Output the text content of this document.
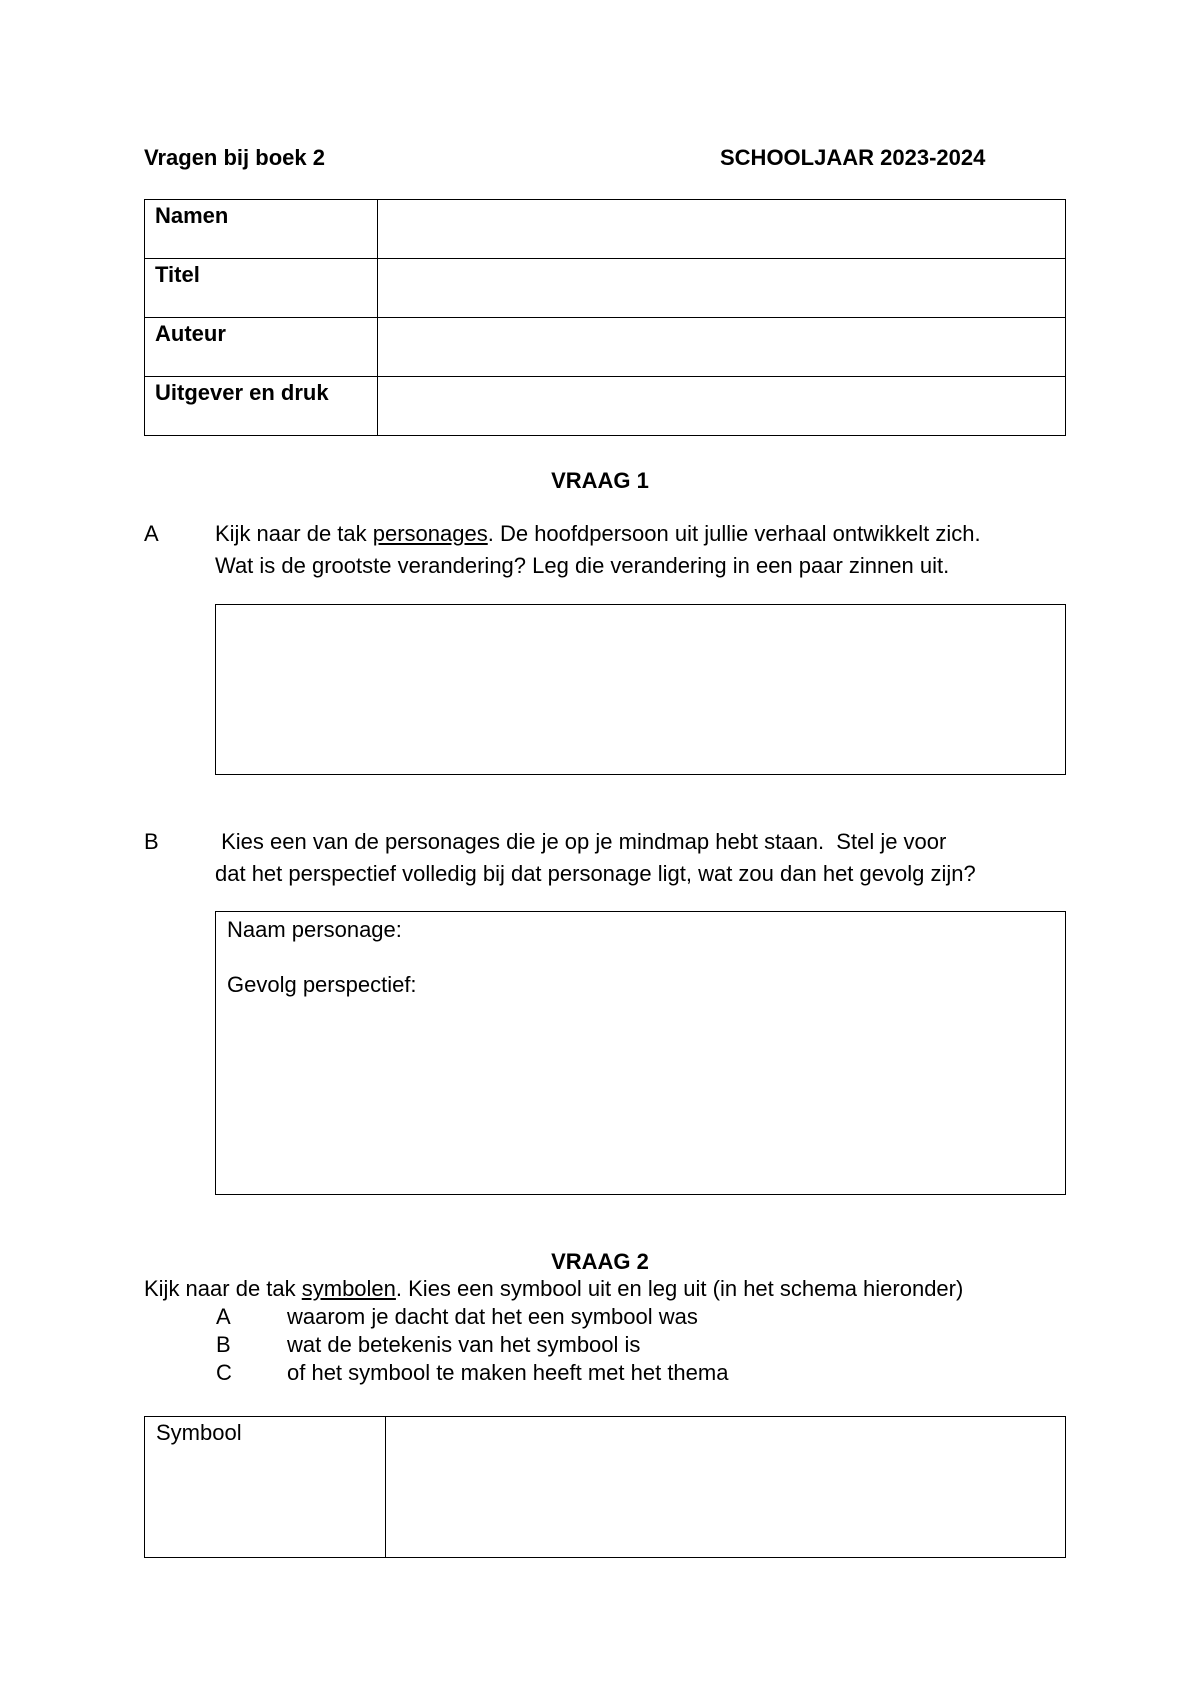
Vragen bij boek 2	SCHOOLJAAR 2023-2024
Namen	
Titel	
Auteur	
Uitgever en druk	
VRAAG 1
A	Kijk naar de tak personages. De hoofdpersoon uit jullie verhaal ontwikkelt zich.
Wat is de grootste verandering? Leg die verandering in een paar zinnen uit.
B	Kies een van de personages die je op je mindmap hebt staan.  Stel je voor
dat het perspectief volledig bij dat personage ligt, wat zou dan het gevolg zijn?
Naam personage:
Gevolg perspectief:
VRAAG 2
Kijk naar de tak symbolen. Kies een symbool uit en leg uit (in het schema hieronder)
A	waarom je dacht dat het een symbool was
B	wat de betekenis van het symbool is
C	of het symbool te maken heeft met het thema
Symbool	
